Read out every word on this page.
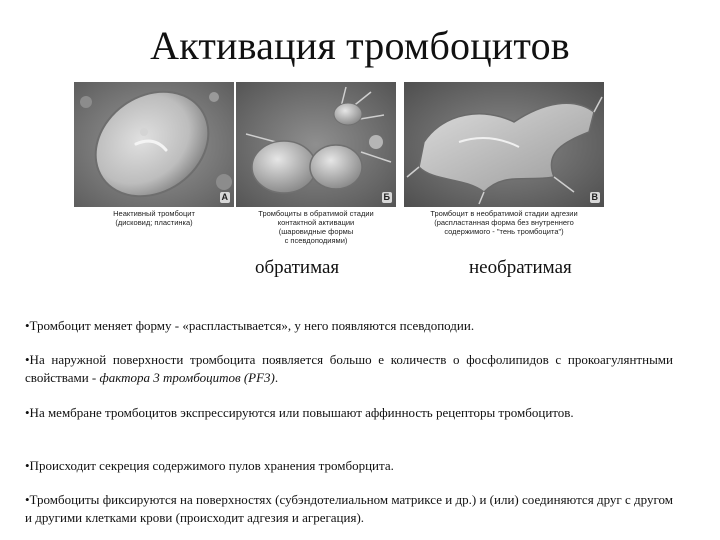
Активация тромбоцитов
А
Неактивный тромбоцит
(дисковид; пластинка)
Б
Тромбоциты в обратимой стадии
контактной активации
(шаровидные формы
с псевдоподиями)
В
Тромбоцит в необратимой стадии адгезии
(распластанная форма без внутреннего
содержимого - "тень тромбоцита")
обратимая	необратимая
•Тромбоцит меняет форму - «распластывается», у него появляются псевдоподии.
•На наружной поверхности тромбоцита появляется большо е количеств о фосфолипидов с прокоагулянтными свойствами - фактора 3 тромбоцитов (PF3).
•На мембране тромбоцитов экспрессируются или повышают аффинность рецепторы тромбоцитов.
•Происходит секреция содержимого пулов хранения тромборцита.
•Тромбоциты фиксируются на поверхностях (субэндотелиальном матриксе и др.) и (или) соединяются друг с другом и другими клетками крови (происходит адгезия и агрегация).
